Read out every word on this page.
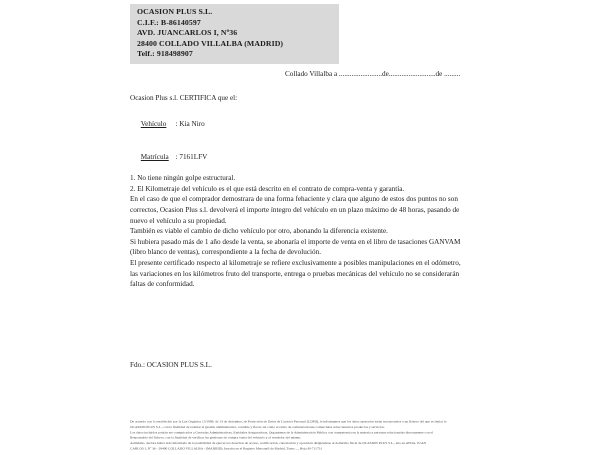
OCASION PLUS S.L.
C.I.F.: B-86140597
AVD. JUANCARLOS I, Nº36
28400 COLLADO VILLALBA (MADRID)
Telf.: 918498907
Collado Villalba a ........................de..........................de .........

Ocasion Plus s.l. CERTIFICA que el:

Vehículo : Kia Niro

Matrícula : 7161LFV

1. No tiene ningún golpe estructural.

2. El Kilometraje del vehículo es el que está descrito en el contrato de compra-venta y garantía.

En el caso de que el comprador demostrara de una forma fehaciente y clara que alguno de estos dos puntos no son correctos, Ocasion Plus s.l. devolverá el importe íntegro del vehículo en un plazo máximo de 48 horas, pasando de nuevo el vehículo a su propiedad.

También es viable el cambio de dicho vehículo por otro, abonando la diferencia existente.

Si hubiera pasado más de 1 año desde la venta, se abonaría el importe de venta en el libro de tasaciones GANVAM (libro blanco de ventas), correspondiente a la fecha de devolución.

El presente certificado respecto al kilometraje se refiere exclusivamente a posibles manipulaciones en el odómetro, las variaciones en los kilómetros fruto del transporte, entrega o pruebas mecánicas del vehículo no se considerarán faltas de conformidad.

Fdo.: OCASION PLUS S.L.
De acuerdo con lo establecido por la Ley Orgánica 15/1999, de 13 de diciembre, de Protección de Datos de Carácter Personal (LOPD), le informamos que los datos aportados serán incorporados a un fichero del que es titular la
OCASION PLUS S.L., con la finalidad de realizar la gestión administrativa, contable y fiscal, así como el envío de comunicaciones comerciales sobre nuestros productos y servicios.
Los datos incluidos podrán ser comunicados a Gestorías Administrativas, Entidades Aseguradoras, Organismos de la Administración Pública con competencia en la materia y personas relacionadas directamente con el
Responsable del fichero, con la finalidad de verificar las gestiones de compra venta del vehículo y al vendedor del mismo.
Asimismo, declara haber sido informado de la posibilidad de ejercer los derechos de acceso, rectificación, cancelación y oposición dirigiéndose al domicilio fiscal de OCASION PLUS S.L., sito en AVDA. JUAN
CARLOS I, Nº 36 - 28400 COLLADO VILLALBA - (MADRID). Inscrita en el Registro Mercantil de Madrid, Tomo ..., Hoja M-711731
